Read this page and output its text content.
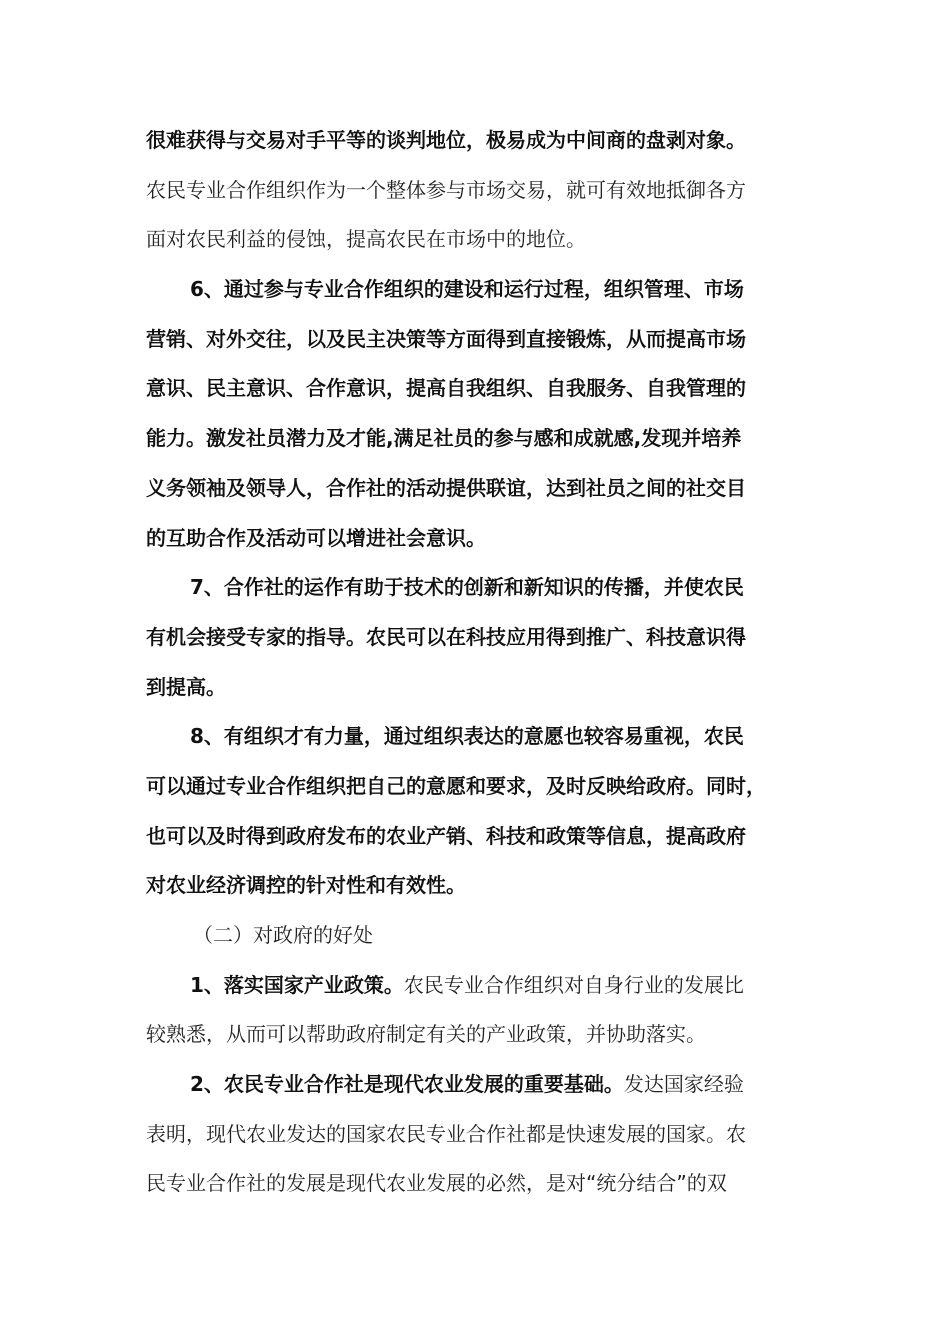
很难获得与交易对手平等的谈判地位，极易成为中间商的盘剥对象。
农民专业合作组织作为一个整体参与市场交易，就可有效地抵御各方
面对农民利益的侵蚀，提高农民在市场中的地位。
6、通过参与专业合作组织的建设和运行过程，组织管理、市场
营销、对外交往，以及民主决策等方面得到直接锻炼，从而提高市场
意识、民主意识、合作意识，提高自我组织、自我服务、自我管理的
能力。激发社员潜力及才能,满足社员的参与感和成就感,发现并培养
义务领袖及领导人，合作社的活动提供联谊，达到社员之间的社交目
的互助合作及活动可以增进社会意识。
7、合作社的运作有助于技术的创新和新知识的传播，并使农民
有机会接受专家的指导。农民可以在科技应用得到推广、科技意识得
到提高。
8、有组织才有力量，通过组织表达的意愿也较容易重视，农民
可以通过专业合作组织把自己的意愿和要求，及时反映给政府。同时，
也可以及时得到政府发布的农业产销、科技和政策等信息，提高政府
对农业经济调控的针对性和有效性。
（二）对政府的好处
1、落实国家产业政策。农民专业合作组织对自身行业的发展比
较熟悉，从而可以帮助政府制定有关的产业政策，并协助落实。
2、农民专业合作社是现代农业发展的重要基础。发达国家经验
表明，现代农业发达的国家农民专业合作社都是快速发展的国家。农
民专业合作社的发展是现代农业发展的必然，是对“统分结合”的双
